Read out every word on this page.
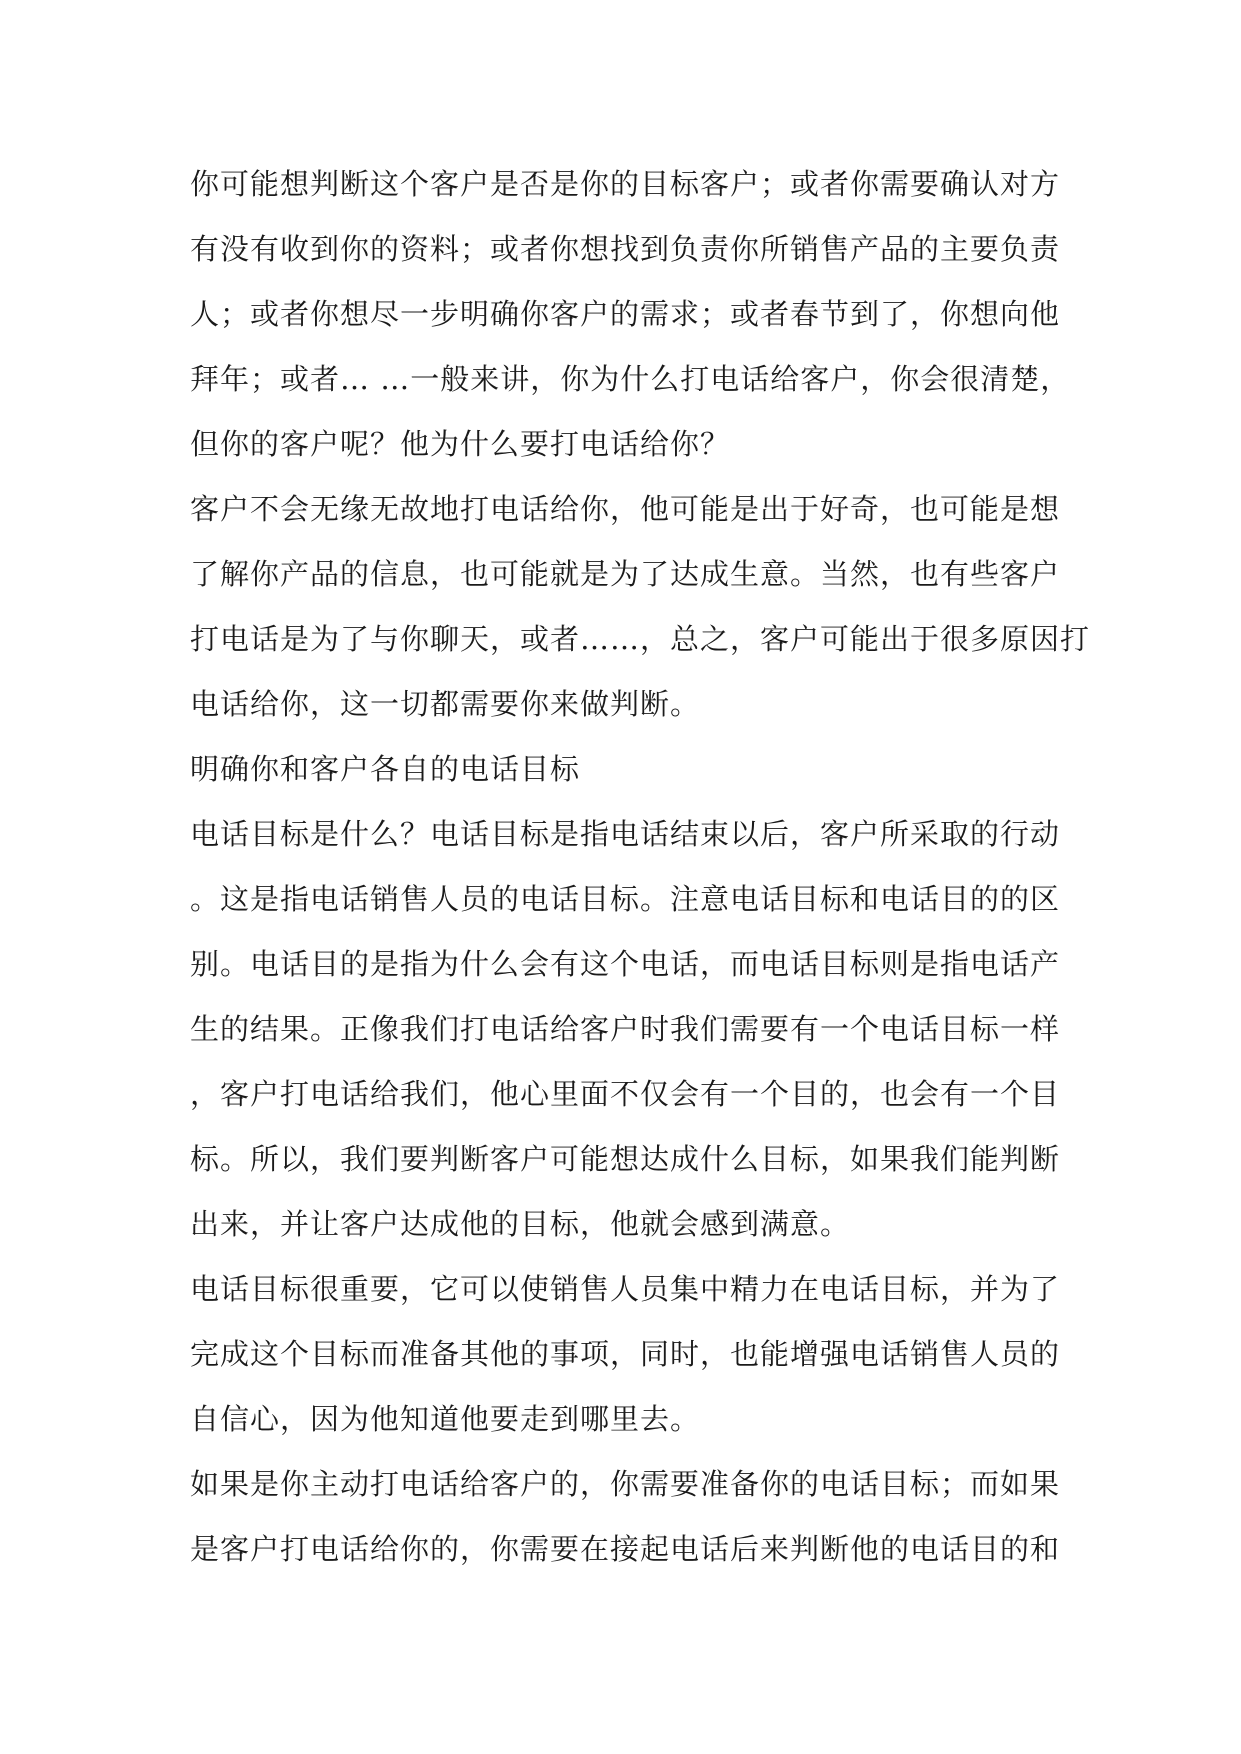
你可能想判断这个客户是否是你的目标客户；或者你需要确认对方
有没有收到你的资料；或者你想找到负责你所销售产品的主要负责
人；或者你想尽一步明确你客户的需求；或者春节到了，你想向他
拜年；或者… …一般来讲，你为什么打电话给客户，你会很清楚，
但你的客户呢？他为什么要打电话给你？
客户不会无缘无故地打电话给你，他可能是出于好奇，也可能是想
了解你产品的信息，也可能就是为了达成生意。当然，也有些客户
打电话是为了与你聊天，或者……，总之，客户可能出于很多原因打
电话给你，这一切都需要你来做判断。
明确你和客户各自的电话目标
电话目标是什么？电话目标是指电话结束以后，客户所采取的行动
。这是指电话销售人员的电话目标。注意电话目标和电话目的的区
别。电话目的是指为什么会有这个电话，而电话目标则是指电话产
生的结果。正像我们打电话给客户时我们需要有一个电话目标一样
，客户打电话给我们，他心里面不仅会有一个目的，也会有一个目
标。所以，我们要判断客户可能想达成什么目标，如果我们能判断
出来，并让客户达成他的目标，他就会感到满意。
电话目标很重要，它可以使销售人员集中精力在电话目标，并为了
完成这个目标而准备其他的事项，同时，也能增强电话销售人员的
自信心，因为他知道他要走到哪里去。
如果是你主动打电话给客户的，你需要准备你的电话目标；而如果
是客户打电话给你的，你需要在接起电话后来判断他的电话目的和
